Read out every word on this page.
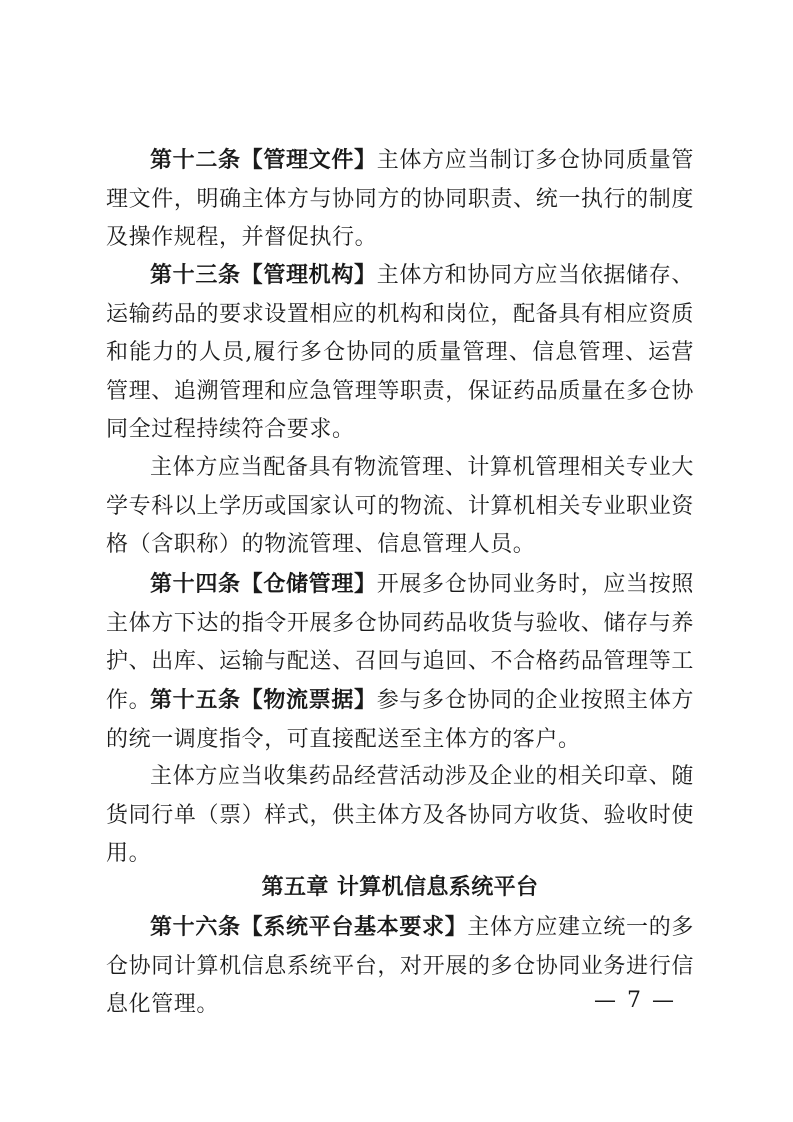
第十二条【管理文件】主体方应当制订多仓协同质量管理文件，明确主体方与协同方的协同职责、统一执行的制度及操作规程，并督促执行。

第十三条【管理机构】主体方和协同方应当依据储存、运输药品的要求设置相应的机构和岗位，配备具有相应资质和能力的人员,履行多仓协同的质量管理、信息管理、运营管理、追溯管理和应急管理等职责，保证药品质量在多仓协同全过程持续符合要求。

主体方应当配备具有物流管理、计算机管理相关专业大学专科以上学历或国家认可的物流、计算机相关专业职业资格（含职称）的物流管理、信息管理人员。

第十四条【仓储管理】开展多仓协同业务时，应当按照主体方下达的指令开展多仓协同药品收货与验收、储存与养护、出库、运输与配送、召回与追回、不合格药品管理等工作。

第十五条【物流票据】参与多仓协同的企业按照主体方的统一调度指令，可直接配送至主体方的客户。

主体方应当收集药品经营活动涉及企业的相关印章、随货同行单（票）样式，供主体方及各协同方收货、验收时使用。

第五章 计算机信息系统平台

第十六条【系统平台基本要求】主体方应建立统一的多仓协同计算机信息系统平台，对开展的多仓协同业务进行信息化管理。	— 7 —
